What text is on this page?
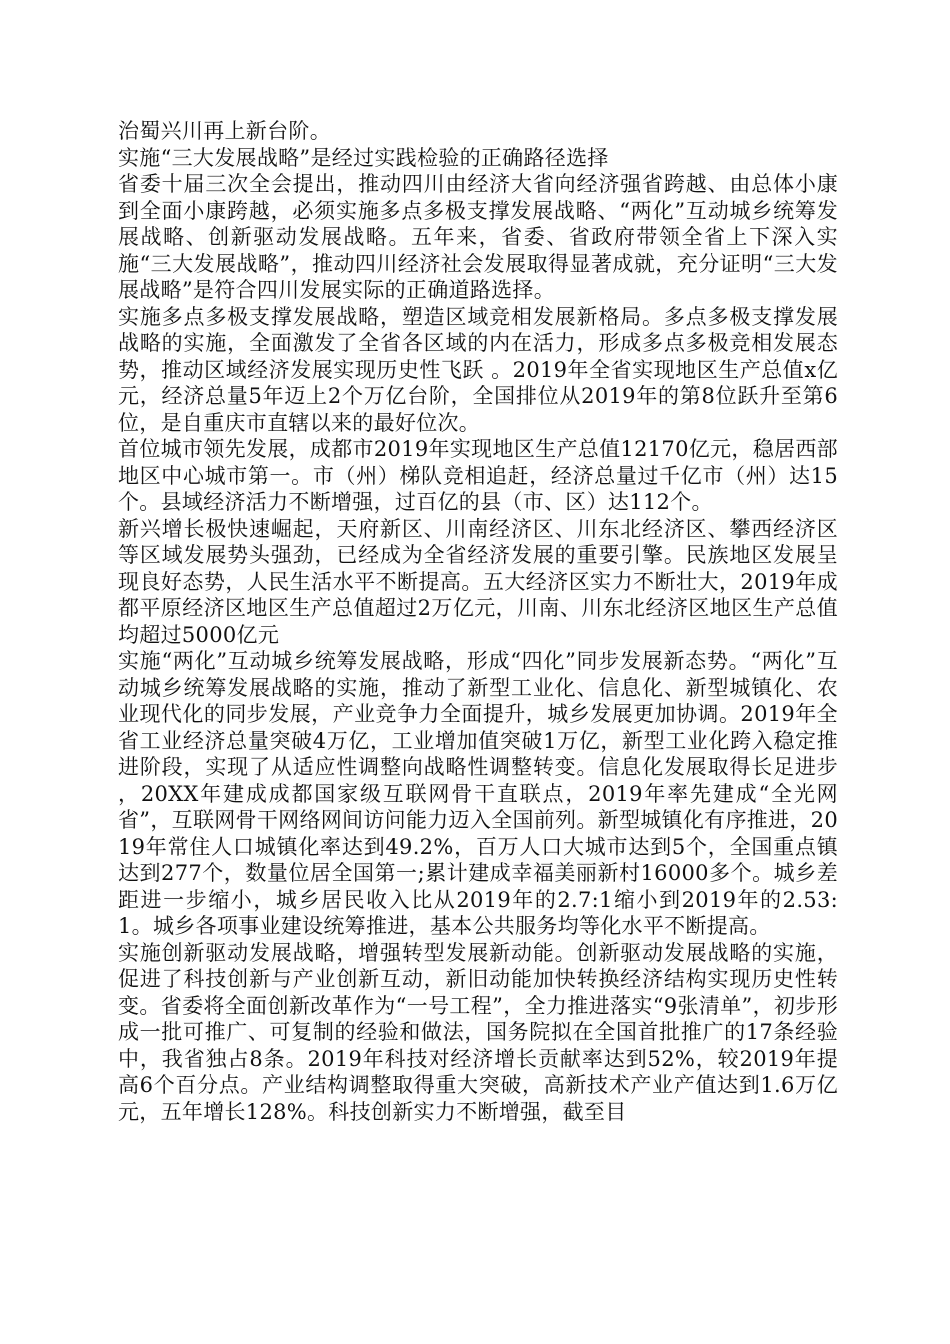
治蜀兴川再上新台阶。

实施“三大发展战略”是经过实践检验的正确路径选择

省委十届三次全会提出，推动四川由经济大省向经济强省跨越、由总体小康到全面小康跨越，必须实施多点多极支撑发展战略、“两化”互动城乡统筹发展战略、创新驱动发展战略。五年来，省委、省政府带领全省上下深入实施“三大发展战略”，推动四川经济社会发展取得显著成就，充分证明“三大发展战略”是符合四川发展实际的正确道路选择。

实施多点多极支撑发展战略，塑造区域竞相发展新格局。多点多极支撑发展战略的实施，全面激发了全省各区域的内在活力，形成多点多极竞相发展态势，推动区域经济发展实现历史性飞跃 。2019年全省实现地区生产总值x亿元，经济总量5年迈上2个万亿台阶，全国排位从2019年的第8位跃升至第6位，是自重庆市直辖以来的最好位次。

首位城市领先发展，成都市2019年实现地区生产总值12170亿元，稳居西部地区中心城市第一。市（州）梯队竞相追赶，经济总量过千亿市（州）达15个。县域经济活力不断增强，过百亿的县（市、区）达112个。

新兴增长极快速崛起，天府新区、川南经济区、川东北经济区、攀西经济区等区域发展势头强劲，已经成为全省经济发展的重要引擎。民族地区发展呈现良好态势，人民生活水平不断提高。五大经济区实力不断壮大，2019年成都平原经济区地区生产总值超过2万亿元，川南、川东北经济区地区生产总值均超过5000亿元

实施“两化”互动城乡统筹发展战略，形成“四化”同步发展新态势。“两化”互动城乡统筹发展战略的实施，推动了新型工业化、信息化、新型城镇化、农业现代化的同步发展，产业竞争力全面提升，城乡发展更加协调。2019年全省工业经济总量突破4万亿，工业增加值突破1万亿，新型工业化跨入稳定推进阶段，实现了从适应性调整向战略性调整转变。信息化发展取得长足进步 ，20XX年建成成都国家级互联网骨干直联点，2019年率先建成“全光网省”，互联网骨干网络网间访问能力迈入全国前列。新型城镇化有序推进，2019年常住人口城镇化率达到49.2%，百万人口大城市达到5个，全国重点镇达到277个，数量位居全国第一;累计建成幸福美丽新村16000多个。城乡差距进一步缩小，城乡居民收入比从2019年的2.7:1缩小到2019年的2.53:1。城乡各项事业建设统筹推进，基本公共服务均等化水平不断提高。

实施创新驱动发展战略，增强转型发展新动能。创新驱动发展战略的实施，促进了科技创新与产业创新互动，新旧动能加快转换经济结构实现历史性转变。省委将全面创新改革作为“一号工程”，全力推进落实“9张清单”，初步形成一批可推广、可复制的经验和做法，国务院拟在全国首批推广的17条经验中，我省独占8条。2019年科技对经济增长贡献率达到52%，较2019年提高6个百分点。产业结构调整取得重大突破，高新技术产业产值达到1.6万亿元，五年增长128%。科技创新实力不断增强，截至目
